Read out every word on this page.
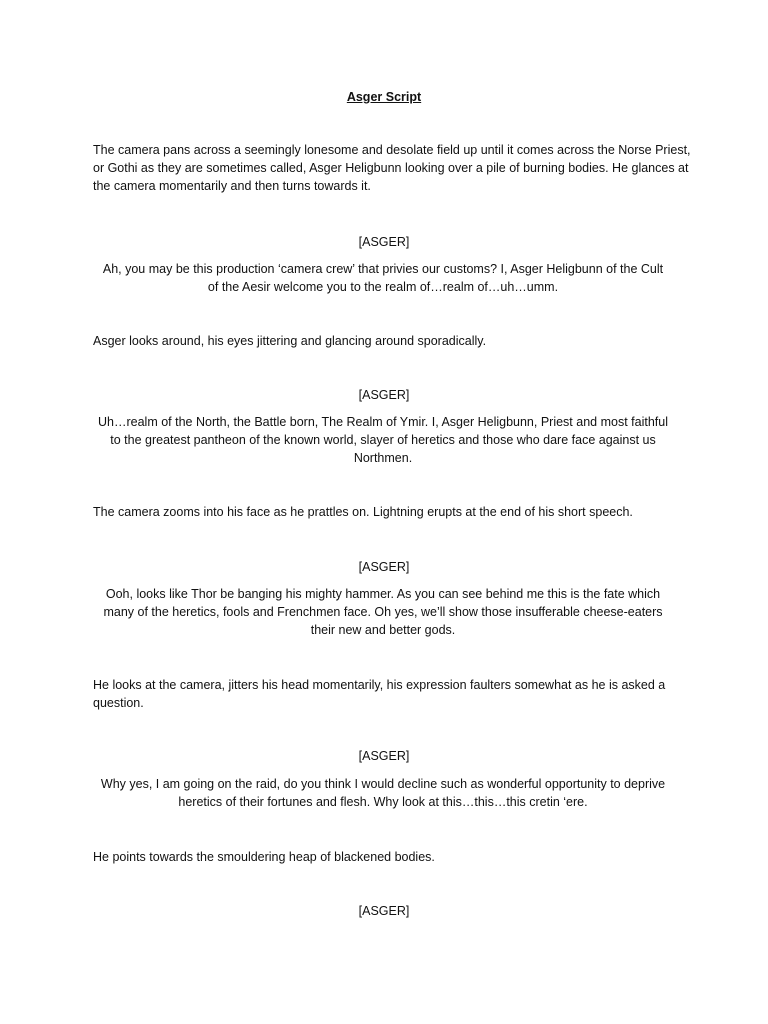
Asger Script

The camera pans across a seemingly lonesome and desolate field up until it comes across the Norse Priest, or Gothi as they are sometimes called, Asger Heligbunn looking over a pile of burning bodies. He glances at the camera momentarily and then turns towards it.

[ASGER]

Ah, you may be this production ‘camera crew’ that privies our customs? I, Asger Heligbunn of the Cult of the Aesir welcome you to the realm of…realm of…uh…umm.

Asger looks around, his eyes jittering and glancing around sporadically.

[ASGER]

Uh…realm of the North, the Battle born, The Realm of Ymir. I, Asger Heligbunn, Priest and most faithful to the greatest pantheon of the known world, slayer of heretics and those who dare face against us Northmen.

The camera zooms into his face as he prattles on. Lightning erupts at the end of his short speech.

[ASGER]

Ooh, looks like Thor be banging his mighty hammer. As you can see behind me this is the fate which many of the heretics, fools and Frenchmen face. Oh yes, we’ll show those insufferable cheese-eaters their new and better gods.

He looks at the camera, jitters his head momentarily, his expression faulters somewhat as he is asked a question.

[ASGER]

Why yes, I am going on the raid, do you think I would decline such as wonderful opportunity to deprive heretics of their fortunes and flesh. Why look at this…this…this cretin ‘ere.

He points towards the smouldering heap of blackened bodies.

[ASGER]
